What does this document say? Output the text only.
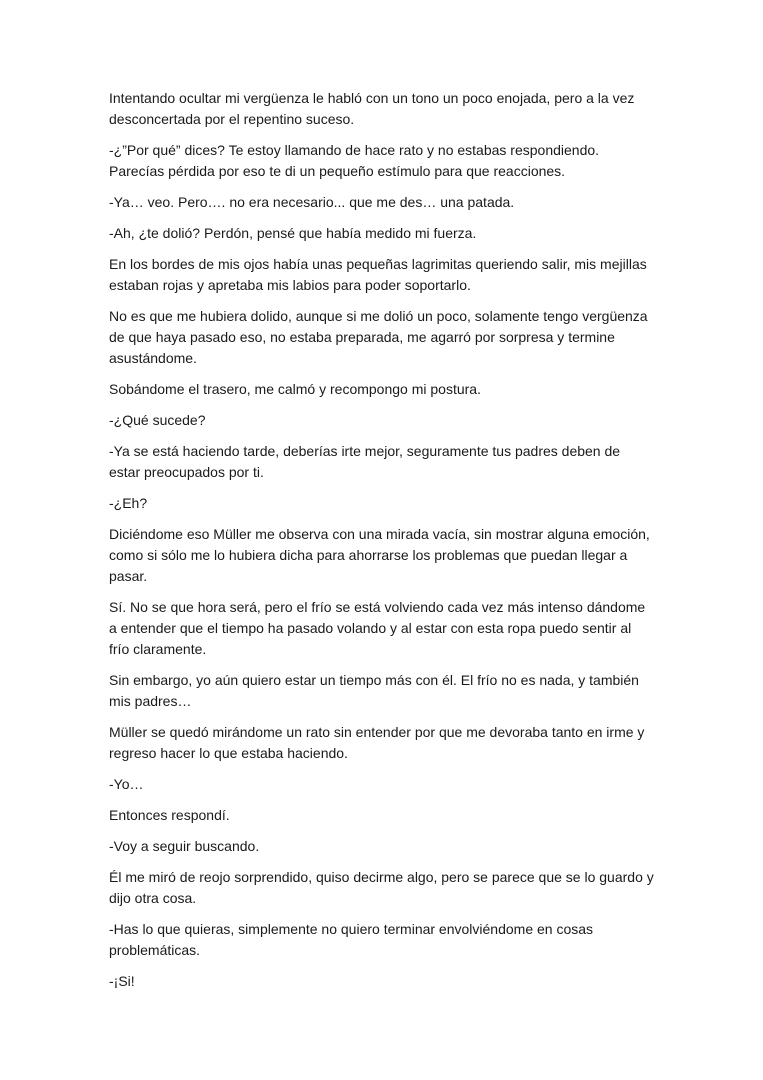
Intentando ocultar mi vergüenza le habló con un tono un poco enojada, pero a la vez desconcertada por el repentino suceso.

-¿”Por qué” dices? Te estoy llamando de hace rato y no estabas respondiendo. Parecías pérdida por eso te di un pequeño estímulo para que reacciones.

-Ya… veo. Pero…. no era necesario... que me des… una patada.

-Ah, ¿te dolió? Perdón, pensé que había medido mi fuerza.

En los bordes de mis ojos había unas pequeñas lagrimitas queriendo salir, mis mejillas estaban rojas y apretaba mis labios para poder soportarlo.

No es que me hubiera dolido, aunque si me dolió un poco, solamente tengo vergüenza de que haya pasado eso, no estaba preparada, me agarró por sorpresa y termine asustándome.

Sobándome el trasero, me calmó y recompongo mi postura.

-¿Qué sucede?

-Ya se está haciendo tarde, deberías irte mejor, seguramente tus padres deben de estar preocupados por ti.

-¿Eh?

Diciéndome eso Müller me observa con una mirada vacía, sin mostrar alguna emoción, como si sólo me lo hubiera dicha para ahorrarse los problemas que puedan llegar a pasar.

Sí. No se que hora será, pero el frío se está volviendo cada vez más intenso dándome a entender que el tiempo ha pasado volando y al estar con esta ropa puedo sentir al frío claramente.

Sin embargo, yo aún quiero estar un tiempo más con él. El frío no es nada, y también mis padres…

Müller se quedó mirándome un rato sin entender por que me devoraba tanto en irme y regreso hacer lo que estaba haciendo.

-Yo…

Entonces respondí.

-Voy a seguir buscando.

Él me miró de reojo sorprendido, quiso decirme algo, pero se parece que se lo guardo y dijo otra cosa.

-Has lo que quieras, simplemente no quiero terminar envolviéndome en cosas problemáticas.

-¡Si!
